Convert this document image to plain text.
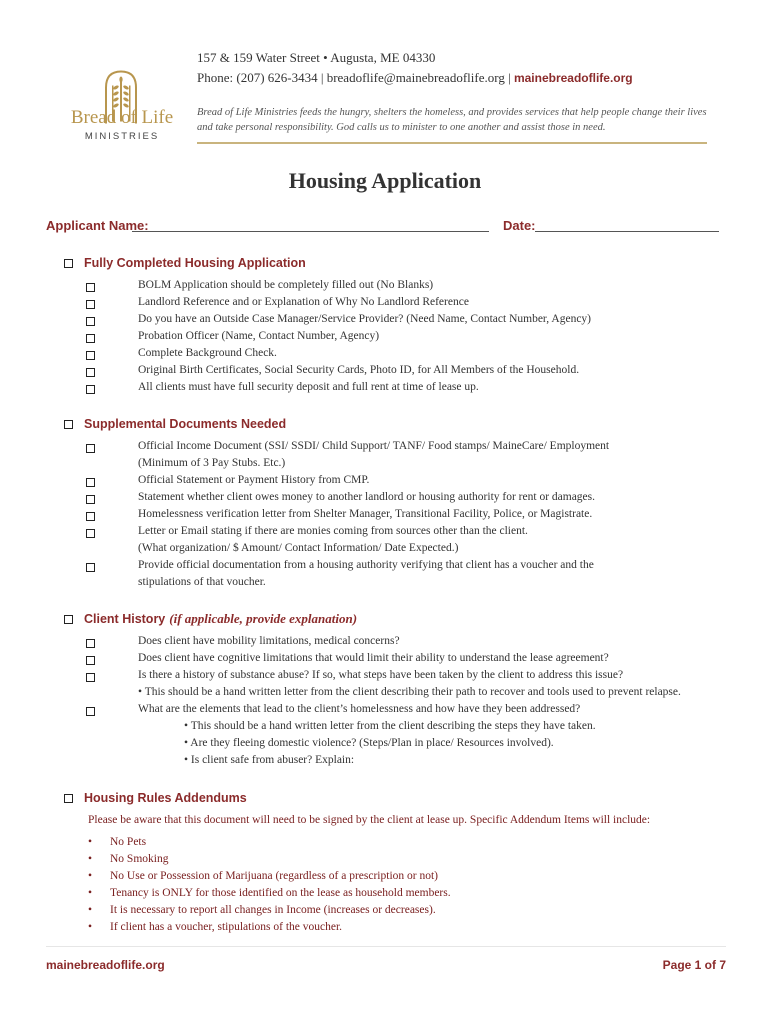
Bread of Life
MINISTRIES
157 & 159 Water Street • Augusta, ME 04330
Phone: (207) 626-3434 | breadoflife@mainebreadoflife.org | mainebreadoflife.org
Bread of Life Ministries feeds the hungry, shelters the homeless, and provides services that help people change their lives and take personal responsibility. God calls us to minister to one another and assist those in need.
Housing Application
Applicant Name:	Date:
Fully Completed Housing Application
BOLM Application should be completely filled out (No Blanks)
Landlord Reference and or Explanation of Why No Landlord Reference
Do you have an Outside Case Manager/Service Provider? (Need Name, Contact Number, Agency)
Probation Officer (Name, Contact Number, Agency)
Complete Background Check.
Original Birth Certificates, Social Security Cards, Photo ID, for All Members of the Household.
All clients must have full security deposit and full rent at time of lease up.
Supplemental Documents Needed
Official Income Document (SSI/ SSDI/ Child Support/ TANF/ Food stamps/ MaineCare/ Employment
(Minimum of 3 Pay Stubs. Etc.)
Official Statement or Payment History from CMP.
Statement whether client owes money to another landlord or housing authority for rent or damages.
Homelessness verification letter from Shelter Manager, Transitional Facility, Police, or Magistrate.
Letter or Email stating if there are monies coming from sources other than the client.
(What organization/ $ Amount/ Contact Information/ Date Expected.)
Provide official documentation from a housing authority verifying that client has a voucher and the
stipulations of that voucher.
Client History (if applicable, provide explanation)
Does client have mobility limitations, medical concerns?
Does client have cognitive limitations that would limit their ability to understand the lease agreement?
Is there a history of substance abuse? If so, what steps have been taken by the client to address this issue?
• This should be a hand written letter from the client describing their path to recover and tools used to prevent relapse.
What are the elements that lead to the client’s homelessness and how have they been addressed?
• This should be a hand written letter from the client describing the steps they have taken.
• Are they fleeing domestic violence? (Steps/Plan in place/ Resources involved).
• Is client safe from abuser? Explain:
Housing Rules Addendums
Please be aware that this document will need to be signed by the client at lease up. Specific Addendum Items will include:
• No Pets
• No Smoking
• No Use or Possession of Marijuana (regardless of a prescription or not)
• Tenancy is ONLY for those identified on the lease as household members.
• It is necessary to report all changes in Income (increases or decreases).
• If client has a voucher, stipulations of the voucher.
mainebreadoflife.org	Page 1 of 7
